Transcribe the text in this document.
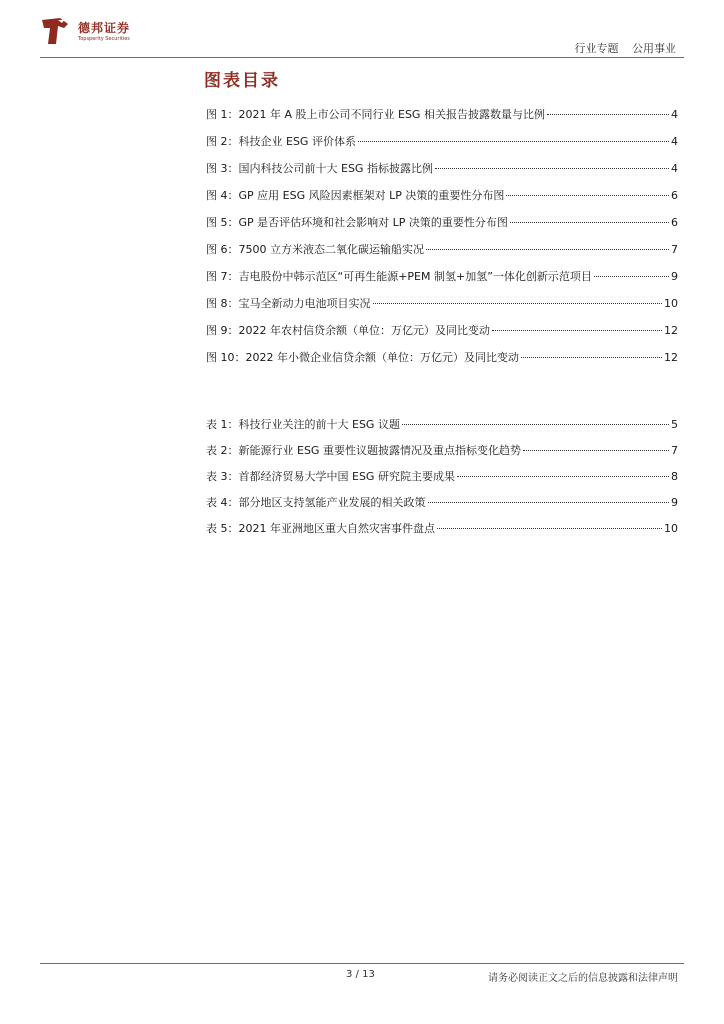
德邦证券
Topsperity Securities
行业专题 公用事业
图表目录
图 1：2021 年 A 股上市公司不同行业 ESG 相关报告披露数量与比例	4
图 2：科技企业 ESG 评价体系	4
图 3：国内科技公司前十大 ESG 指标披露比例	4
图 4：GP 应用 ESG 风险因素框架对 LP 决策的重要性分布图	6
图 5：GP 是否评估环境和社会影响对 LP 决策的重要性分布图	6
图 6：7500 立方米液态二氧化碳运输船实况	7
图 7：吉电股份中韩示范区“可再生能源+PEM 制氢+加氢”一体化创新示范项目	9
图 8：宝马全新动力电池项目实况	10
图 9：2022 年农村信贷余额（单位：万亿元）及同比变动	12
图 10：2022 年小微企业信贷余额（单位：万亿元）及同比变动	12
表 1：科技行业关注的前十大 ESG 议题	5
表 2：新能源行业 ESG 重要性议题披露情况及重点指标变化趋势	7
表 3：首都经济贸易大学中国 ESG 研究院主要成果	8
表 4：部分地区支持氢能产业发展的相关政策	9
表 5：2021 年亚洲地区重大自然灾害事件盘点	10
3 / 13	请务必阅读正文之后的信息披露和法律声明
